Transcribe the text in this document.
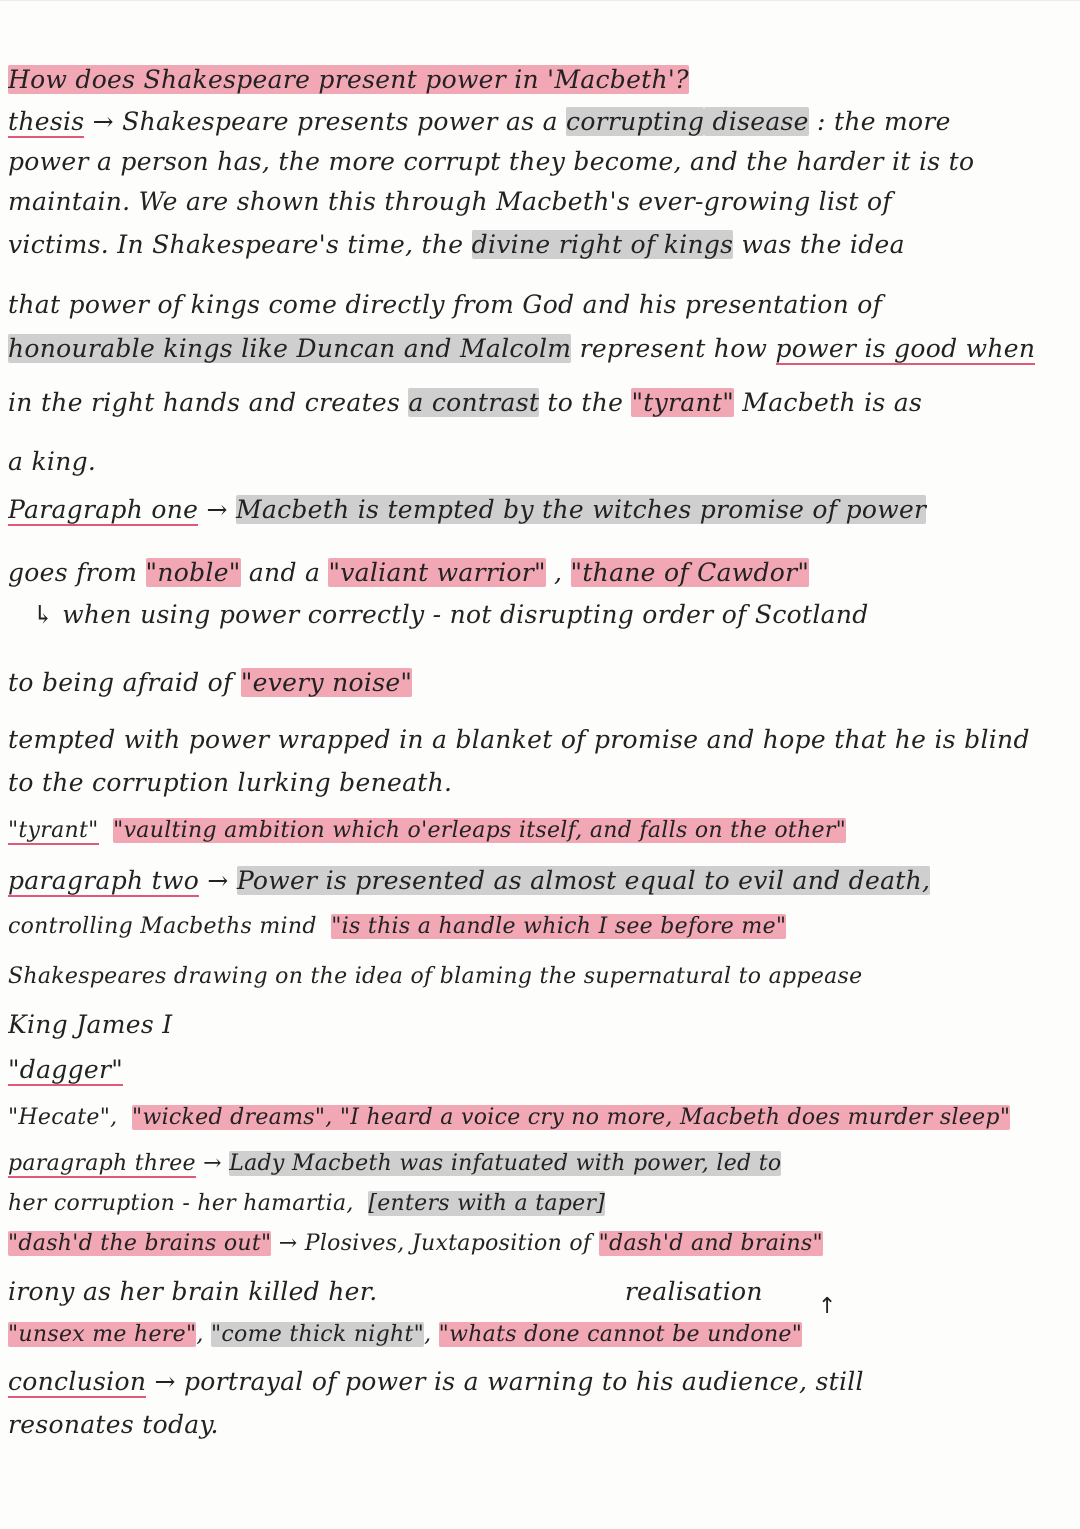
How does Shakespeare present power in 'Macbeth'?

thesis → Shakespeare presents power as a corrupting disease : the more

power a person has, the more corrupt they become, and the harder it is to

maintain. We are shown this through Macbeth's ever-growing list of

victims. In Shakespeare's time, the divine right of kings was the idea

that power of kings come directly from God and his presentation of

honourable kings like Duncan and Malcolm represent how power is good when

in the right hands and creates a contrast to the "tyrant" Macbeth is as

a king.

Paragraph one → Macbeth is tempted by the witches promise of power

goes from "noble" and a "valiant warrior" , "thane of Cawdor"

↳ when using power correctly - not disrupting order of Scotland

to being afraid of "every noise"

tempted with power wrapped in a blanket of promise and hope that he is blind

to the corruption lurking beneath.

"tyrant" "vaulting ambition which o'erleaps itself, and falls on the other"

paragraph two → Power is presented as almost equal to evil and death,

controlling Macbeths mind  "is this a handle which I see before me"

Shakespeares drawing on the idea of blaming the supernatural to appease

King James I

"dagger"

"Hecate",  "wicked dreams", "I heard a voice cry no more, Macbeth does murder sleep"

paragraph three → Lady Macbeth was infatuated with power, led to

her corruption - her hamartia,  [enters with a taper]

"dash'd the brains out" → Plosives, Juxtaposition of "dash'd and brains"

irony as her brain killed her.                              realisation

"unsex me here", "come thick night", "whats done cannot be undone"

conclusion → portrayal of power is a warning to his audience, still

resonates today.

↑
